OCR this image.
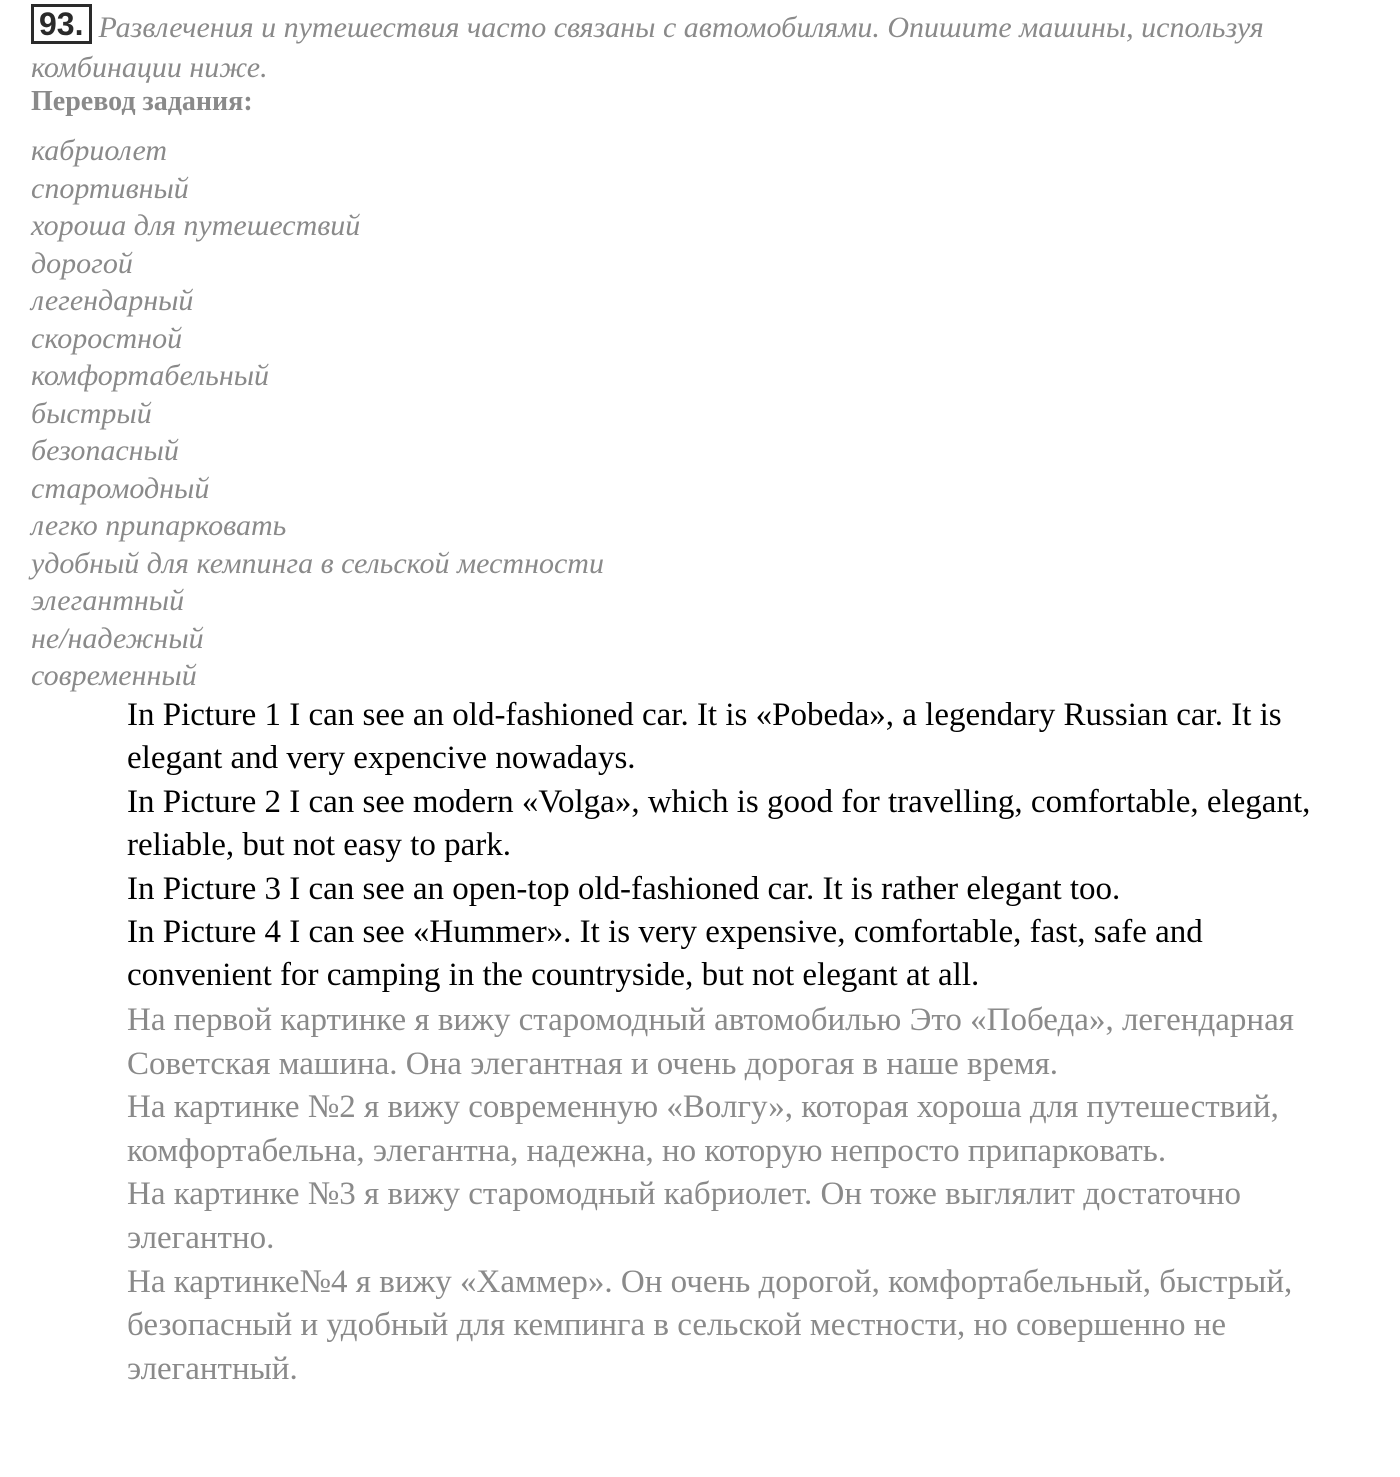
93. Развлечения и путешествия часто связаны с автомобилями. Опишите машины, используя комбинации ниже.
Перевод задания:
кабриолет
спортивный
хороша для путешествий
дорогой
легендарный
скоростной
комфортабельный
быстрый
безопасный
старомодный
легко припарковать
удобный для кемпинга в сельской местности
элегантный
не/надежный
современный

In Picture 1 I can see an old-fashioned car. It is «Pobeda», a legendary Russian car. It is elegant and very expencive nowadays.

In Picture 2 I can see modern «Volga», which is good for travelling, comfortable, elegant, reliable, but not easy to park.

In Picture 3 I can see an open-top old-fashioned car. It is rather elegant too.

In Picture 4 I can see «Hummer». It is very expensive, comfortable, fast, safe and convenient for camping in the countryside, but not elegant at all.

На первой картинке я вижу старомодный автомобилью Это «Победа», легендарная Советская машина. Она элегантная и очень дорогая в наше время.

На картинке №2 я вижу современную «Волгу», которая хороша для путешествий, комфортабельна, элегантна, надежна, но которую непросто припарковать.

На картинке №3 я вижу старомодный кабриолет. Он тоже выглялит достаточно элегантно.

На картинке№4 я вижу «Хаммер». Он очень дорогой, комфортабельный, быстрый, безопасный и удобный для кемпинга в сельской местности, но совершенно не элегантный.
